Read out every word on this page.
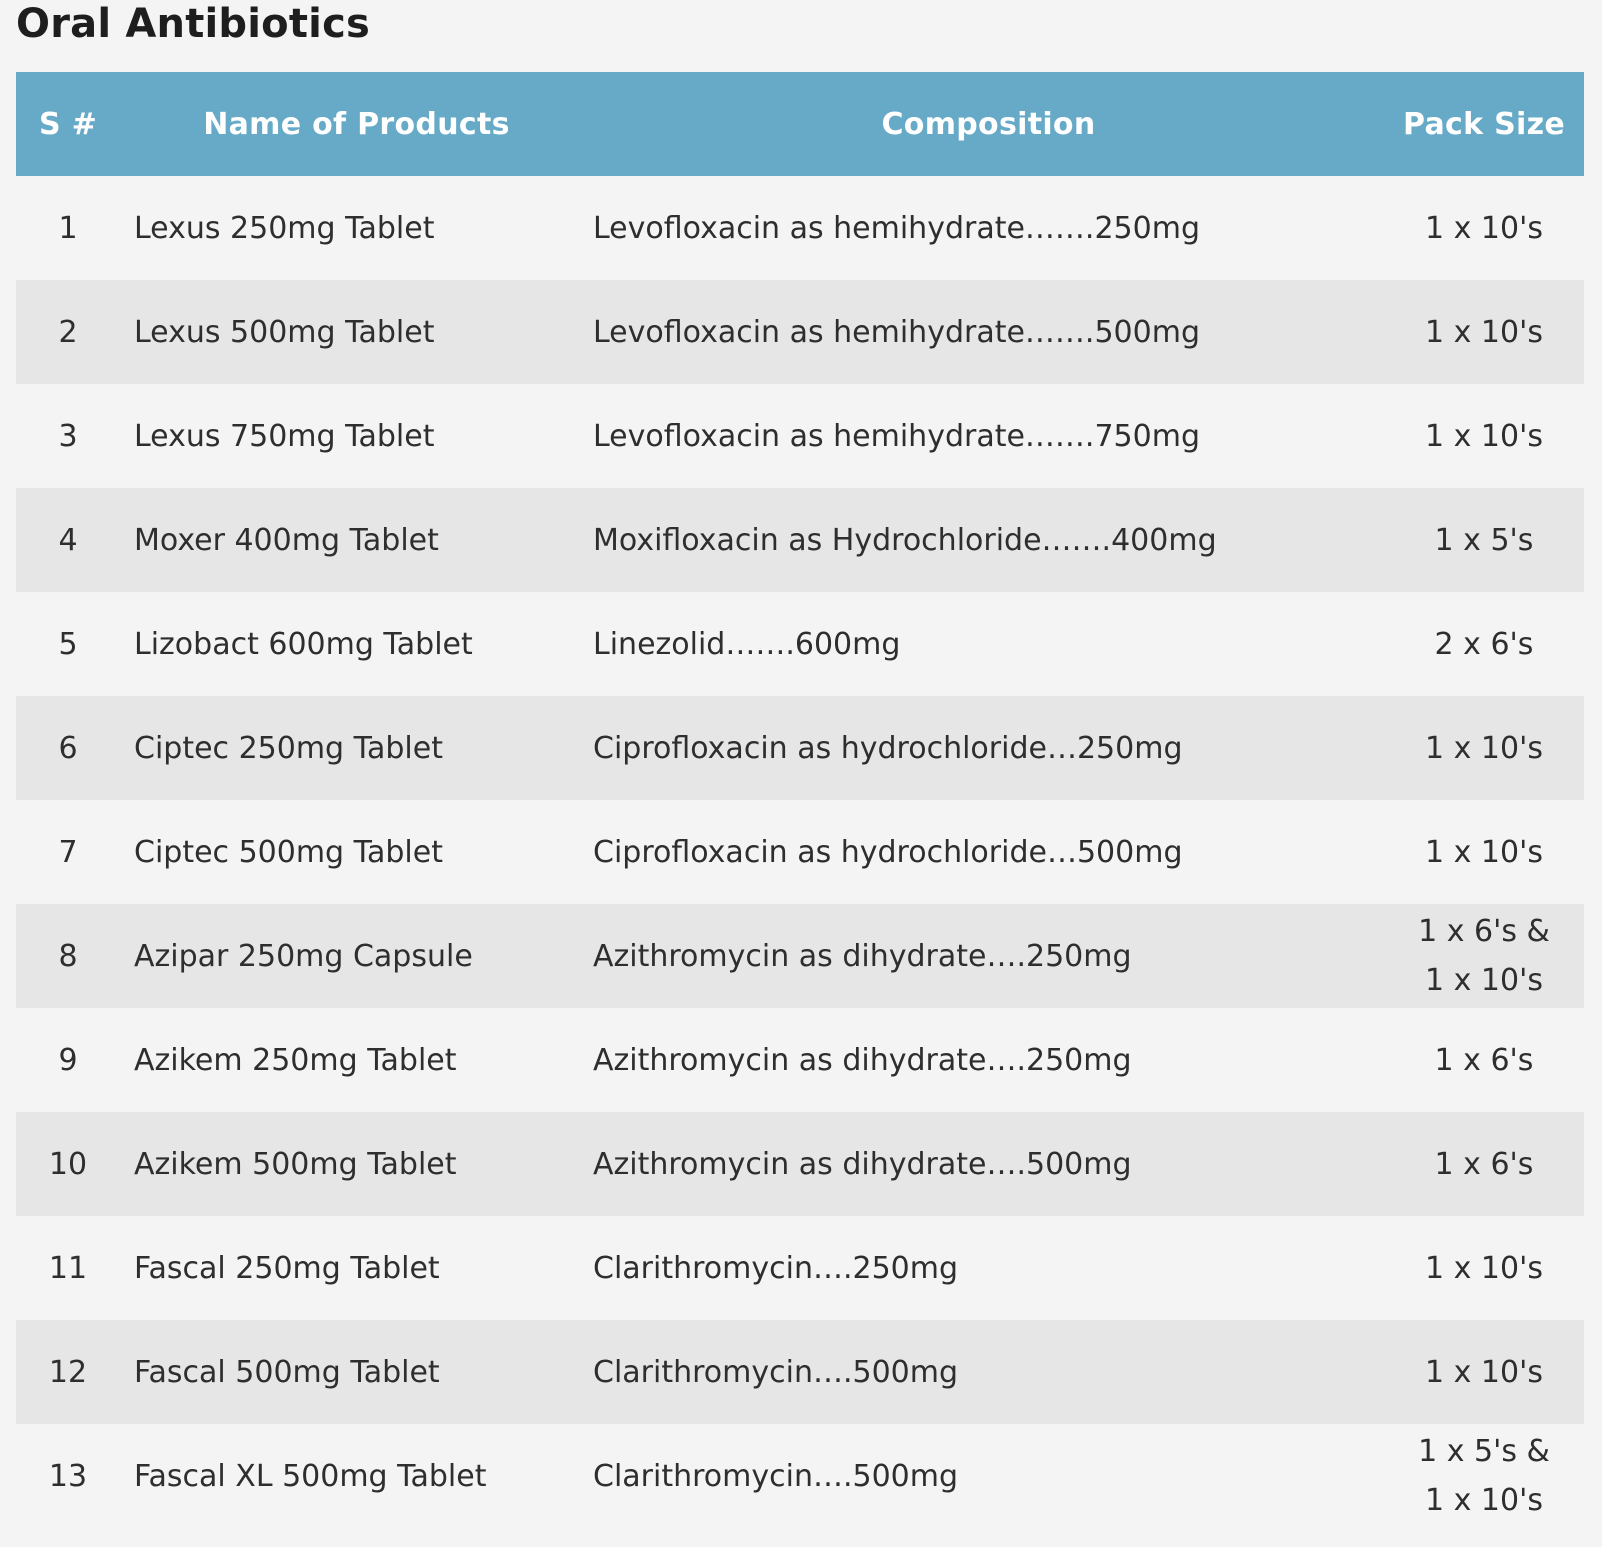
Oral Antibiotics
S #	Name of Products	Composition	Pack Size
1	Lexus 250mg Tablet	Levofloxacin as hemihydrate…….250mg	1 x 10's

2	Lexus 500mg Tablet	Levofloxacin as hemihydrate…….500mg	1 x 10's

3	Lexus 750mg Tablet	Levofloxacin as hemihydrate…….750mg	1 x 10's

4	Moxer 400mg Tablet	Moxifloxacin as Hydrochloride…….400mg	1 x 5's

5	Lizobact 600mg Tablet	Linezolid…….600mg	2 x 6's

6	Ciptec 250mg Tablet	Ciprofloxacin as hydrochloride…250mg	1 x 10's

7	Ciptec 500mg Tablet	Ciprofloxacin as hydrochloride…500mg	1 x 10's

8	Azipar 250mg Capsule	Azithromycin as dihydrate….250mg	1 x 6's &
1 x 10's

9	Azikem 250mg Tablet	Azithromycin as dihydrate….250mg	1 x 6's

10	Azikem 500mg Tablet	Azithromycin as dihydrate….500mg	1 x 6's

11	Fascal 250mg Tablet	Clarithromycin….250mg	1 x 10's

12	Fascal 500mg Tablet	Clarithromycin….500mg	1 x 10's

13	Fascal XL 500mg Tablet	Clarithromycin….500mg	1 x 5's &
1 x 10's
